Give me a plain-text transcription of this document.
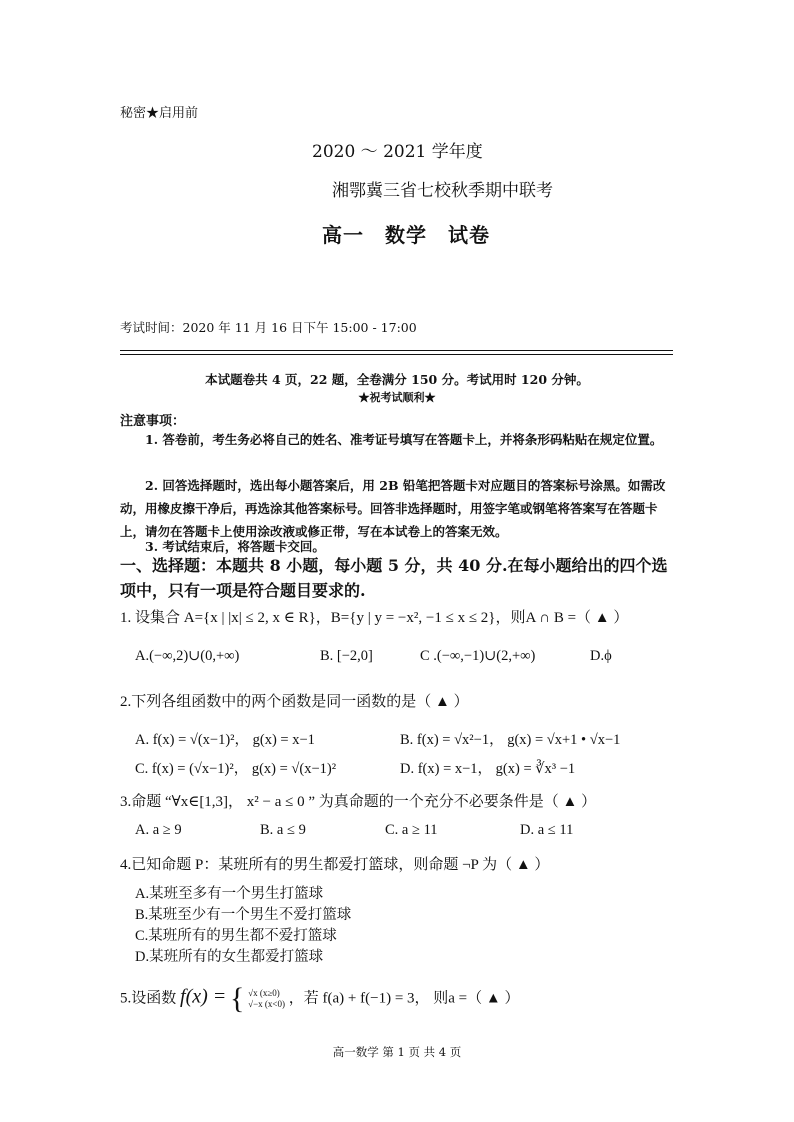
秘密★启用前
2020 ～ 2021 学年度
湘鄂冀三省七校秋季期中联考
高一　数学　试卷
考试时间：2020 年 11 月 16 日下午 15:00 - 17:00
本试题卷共 4 页，22 题，全卷满分 150 分。考试用时 120 分钟。
★祝考试顺利★
注意事项：

1. 答卷前，考生务必将自己的姓名、准考证号填写在答题卡上，并将条形码粘贴在规定位置。

2. 回答选择题时，选出每小题答案后，用 2B 铅笔把答题卡对应题目的答案标号涂黑。如需改动，用橡皮擦干净后，再选涂其他答案标号。回答非选择题时，用签字笔或钢笔将答案写在答题卡上，请勿在答题卡上使用涂改液或修正带，写在本试卷上的答案无效。

3. 考试结束后，将答题卡交回。

一、选择题：本题共 8 小题，每小题 5 分，共 40 分.在每小题给出的四个选项中，只有一项是符合题目要求的.
1. 设集合 A={x | |x| ≤ 2, x ∈ R}，B={y | y = −x², −1 ≤ x ≤ 2}，则A ∩ B =（ ▲ ）
A.(−∞,2)∪(0,+∞)	B. [−2,0]	C .(−∞,−1)∪(2,+∞)	D.ϕ
2.下列各组函数中的两个函数是同一函数的是（ ▲ ）
A. f(x) = √(x−1)²， g(x) = x−1	B. f(x) = √x²−1， g(x) = √x+1 • √x−1
C. f(x) = (√x−1)²， g(x) = √(x−1)²	D. f(x) = x−1， g(x) = ∛x³ −1
3.命题 “∀x∈[1,3]， x² − a ≤ 0 ” 为真命题的一个充分不必要条件是（ ▲ ）
A. a ≥ 9	B. a ≤ 9	C. a ≥ 11	D. a ≤ 11
4.已知命题 P：某班所有的男生都爱打篮球，则命题 ¬P 为（ ▲ ）
A.某班至多有一个男生打篮球
B.某班至少有一个男生不爱打篮球
C.某班所有的男生都不爱打篮球
D.某班所有的女生都爱打篮球
5.设函数 f(x) = { √x (x≥0)
√−x (x<0) ，若 f(a) + f(−1) = 3， 则a =（ ▲ ）
高一数学 第 1 页 共 4 页
